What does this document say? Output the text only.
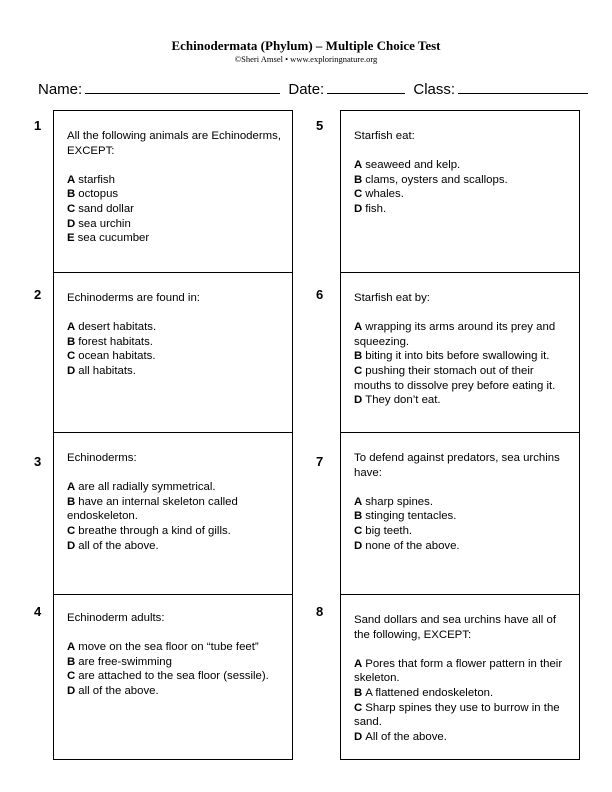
Echinodermata (Phylum) – Multiple Choice Test
©Sheri Amsel • www.exploringnature.org
Name:	Date:	Class:
All the following animals are Echinoderms, EXCEPT:
A starfish
B octopus
C sand dollar
D sea urchin
E sea cucumber
Echinoderms are found in:
A desert habitats.
B forest habitats.
C ocean habitats.
D all habitats.
Echinoderms:
A are all radially symmetrical.
B have an internal skeleton called endoskeleton.
C breathe through a kind of gills.
D all of the above.
Echinoderm adults:
A move on the sea floor on “tube feet”
B are free-swimming
C are attached to the sea floor (sessile).
D all of the above.
Starfish eat:
A seaweed and kelp.
B clams, oysters and scallops.
C whales.
D fish.
Starfish eat by:
A wrapping its arms around its prey and squeezing.
B biting it into bits before swallowing it.
C pushing their stomach out of their mouths to dissolve prey before eating it.
D They don’t eat.
To defend against predators, sea urchins have:
A sharp spines.
B stinging tentacles.
C big teeth.
D none of the above.
Sand dollars and sea urchins have all of the following, EXCEPT:
A Pores that form a flower pattern in their skeleton.
B A flattened endoskeleton.
C Sharp spines they use to burrow in the sand.
D All of the above.
1
2
3
4
5
6
7
8
